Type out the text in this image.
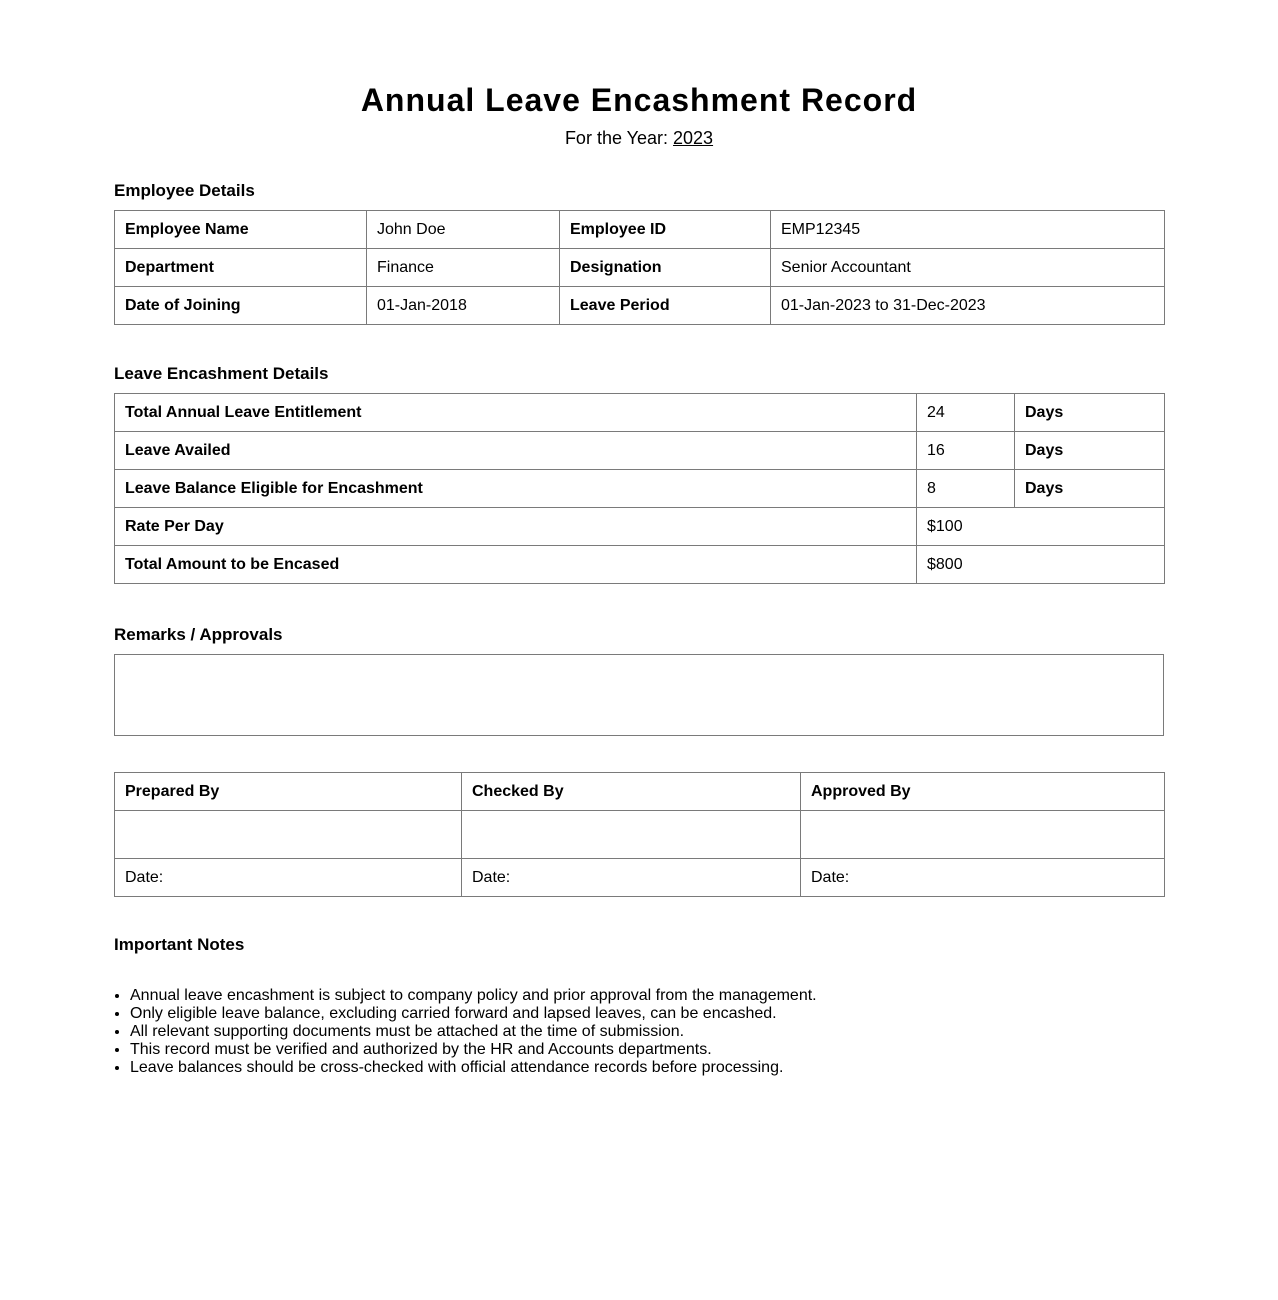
Annual Leave Encashment Record

For the Year: 2023

Employee Details
Employee Name	John Doe	Employee ID	EMP12345
Department	Finance	Designation	Senior Accountant
Date of Joining	01-Jan-2018	Leave Period	01-Jan-2023 to 31-Dec-2023
Leave Encashment Details
Total Annual Leave Entitlement	24	Days
Leave Availed	16	Days
Leave Balance Eligible for Encashment	8	Days
Rate Per Day	$100	
Total Amount to be Encased	$800	
Remarks / Approvals
Prepared By	Checked By	Approved By

Date:	Date:	Date:
Important Notes
• Annual leave encashment is subject to company policy and prior approval from the management.
• Only eligible leave balance, excluding carried forward and lapsed leaves, can be encashed.
• All relevant supporting documents must be attached at the time of submission.
• This record must be verified and authorized by the HR and Accounts departments.
• Leave balances should be cross-checked with official attendance records before processing.
